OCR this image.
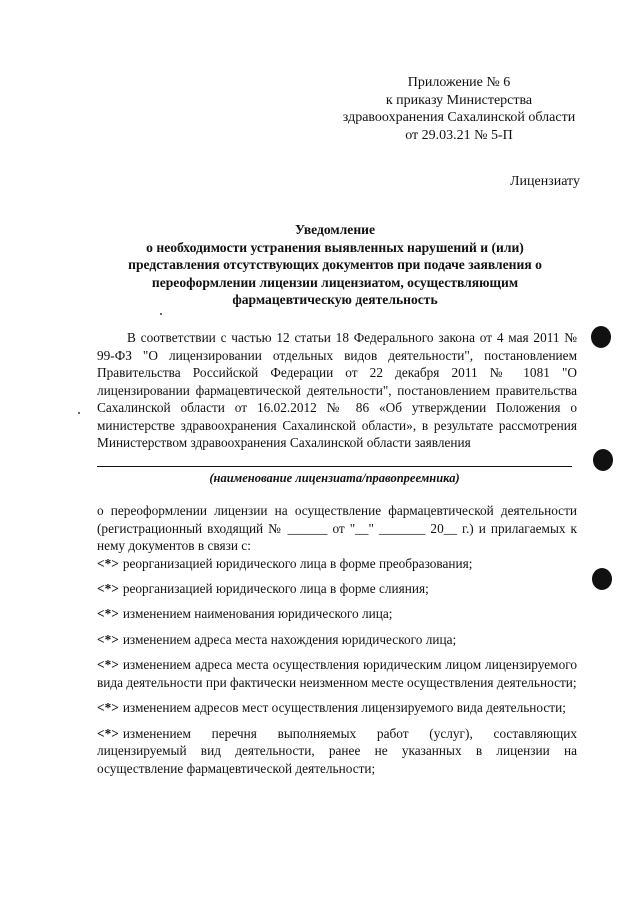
Приложение № 6
к приказу Министерства
здравоохранения Сахалинской области
от 29.03.21 № 5-П
Лицензиату
Уведомление
о необходимости устранения выявленных нарушений и (или)
представления отсутствующих документов при подаче заявления о
переоформлении лицензии лицензиатом, осуществляющим
фармацевтическую деятельность
В соответствии с частью 12 статьи 18 Федерального закона от 4 мая 2011 № 99-ФЗ "О лицензировании отдельных видов деятельности", постановлением Правительства Российской Федерации от 22 декабря 2011 № 1081 "О лицензировании фармацевтической деятельности", постановлением правительства Сахалинской области от 16.02.2012 № 86 «Об утверждении Положения о министерстве здравоохранения Сахалинской области», в результате рассмотрения Министерством здравоохранения Сахалинской области заявления
(наименование лицензиата/правопреемника)
о переоформлении лицензии на осуществление фармацевтической деятельности (регистрационный входящий № ______ от "__" _______ 20__ г.) и прилагаемых к нему документов в связи с:
<*> реорганизацией юридического лица в форме преобразования;
<*> реорганизацией юридического лица в форме слияния;
<*> изменением наименования юридического лица;
<*> изменением адреса места нахождения юридического лица;
<*> изменением адреса места осуществления юридическим лицом лицензируемого вида деятельности при фактически неизменном месте осуществления деятельности;
<*> изменением адресов мест осуществления лицензируемого вида деятельности;
<*> изменением перечня выполняемых работ (услуг), составляющих лицензируемый вид деятельности, ранее не указанных в лицензии на осуществление фармацевтической деятельности;
